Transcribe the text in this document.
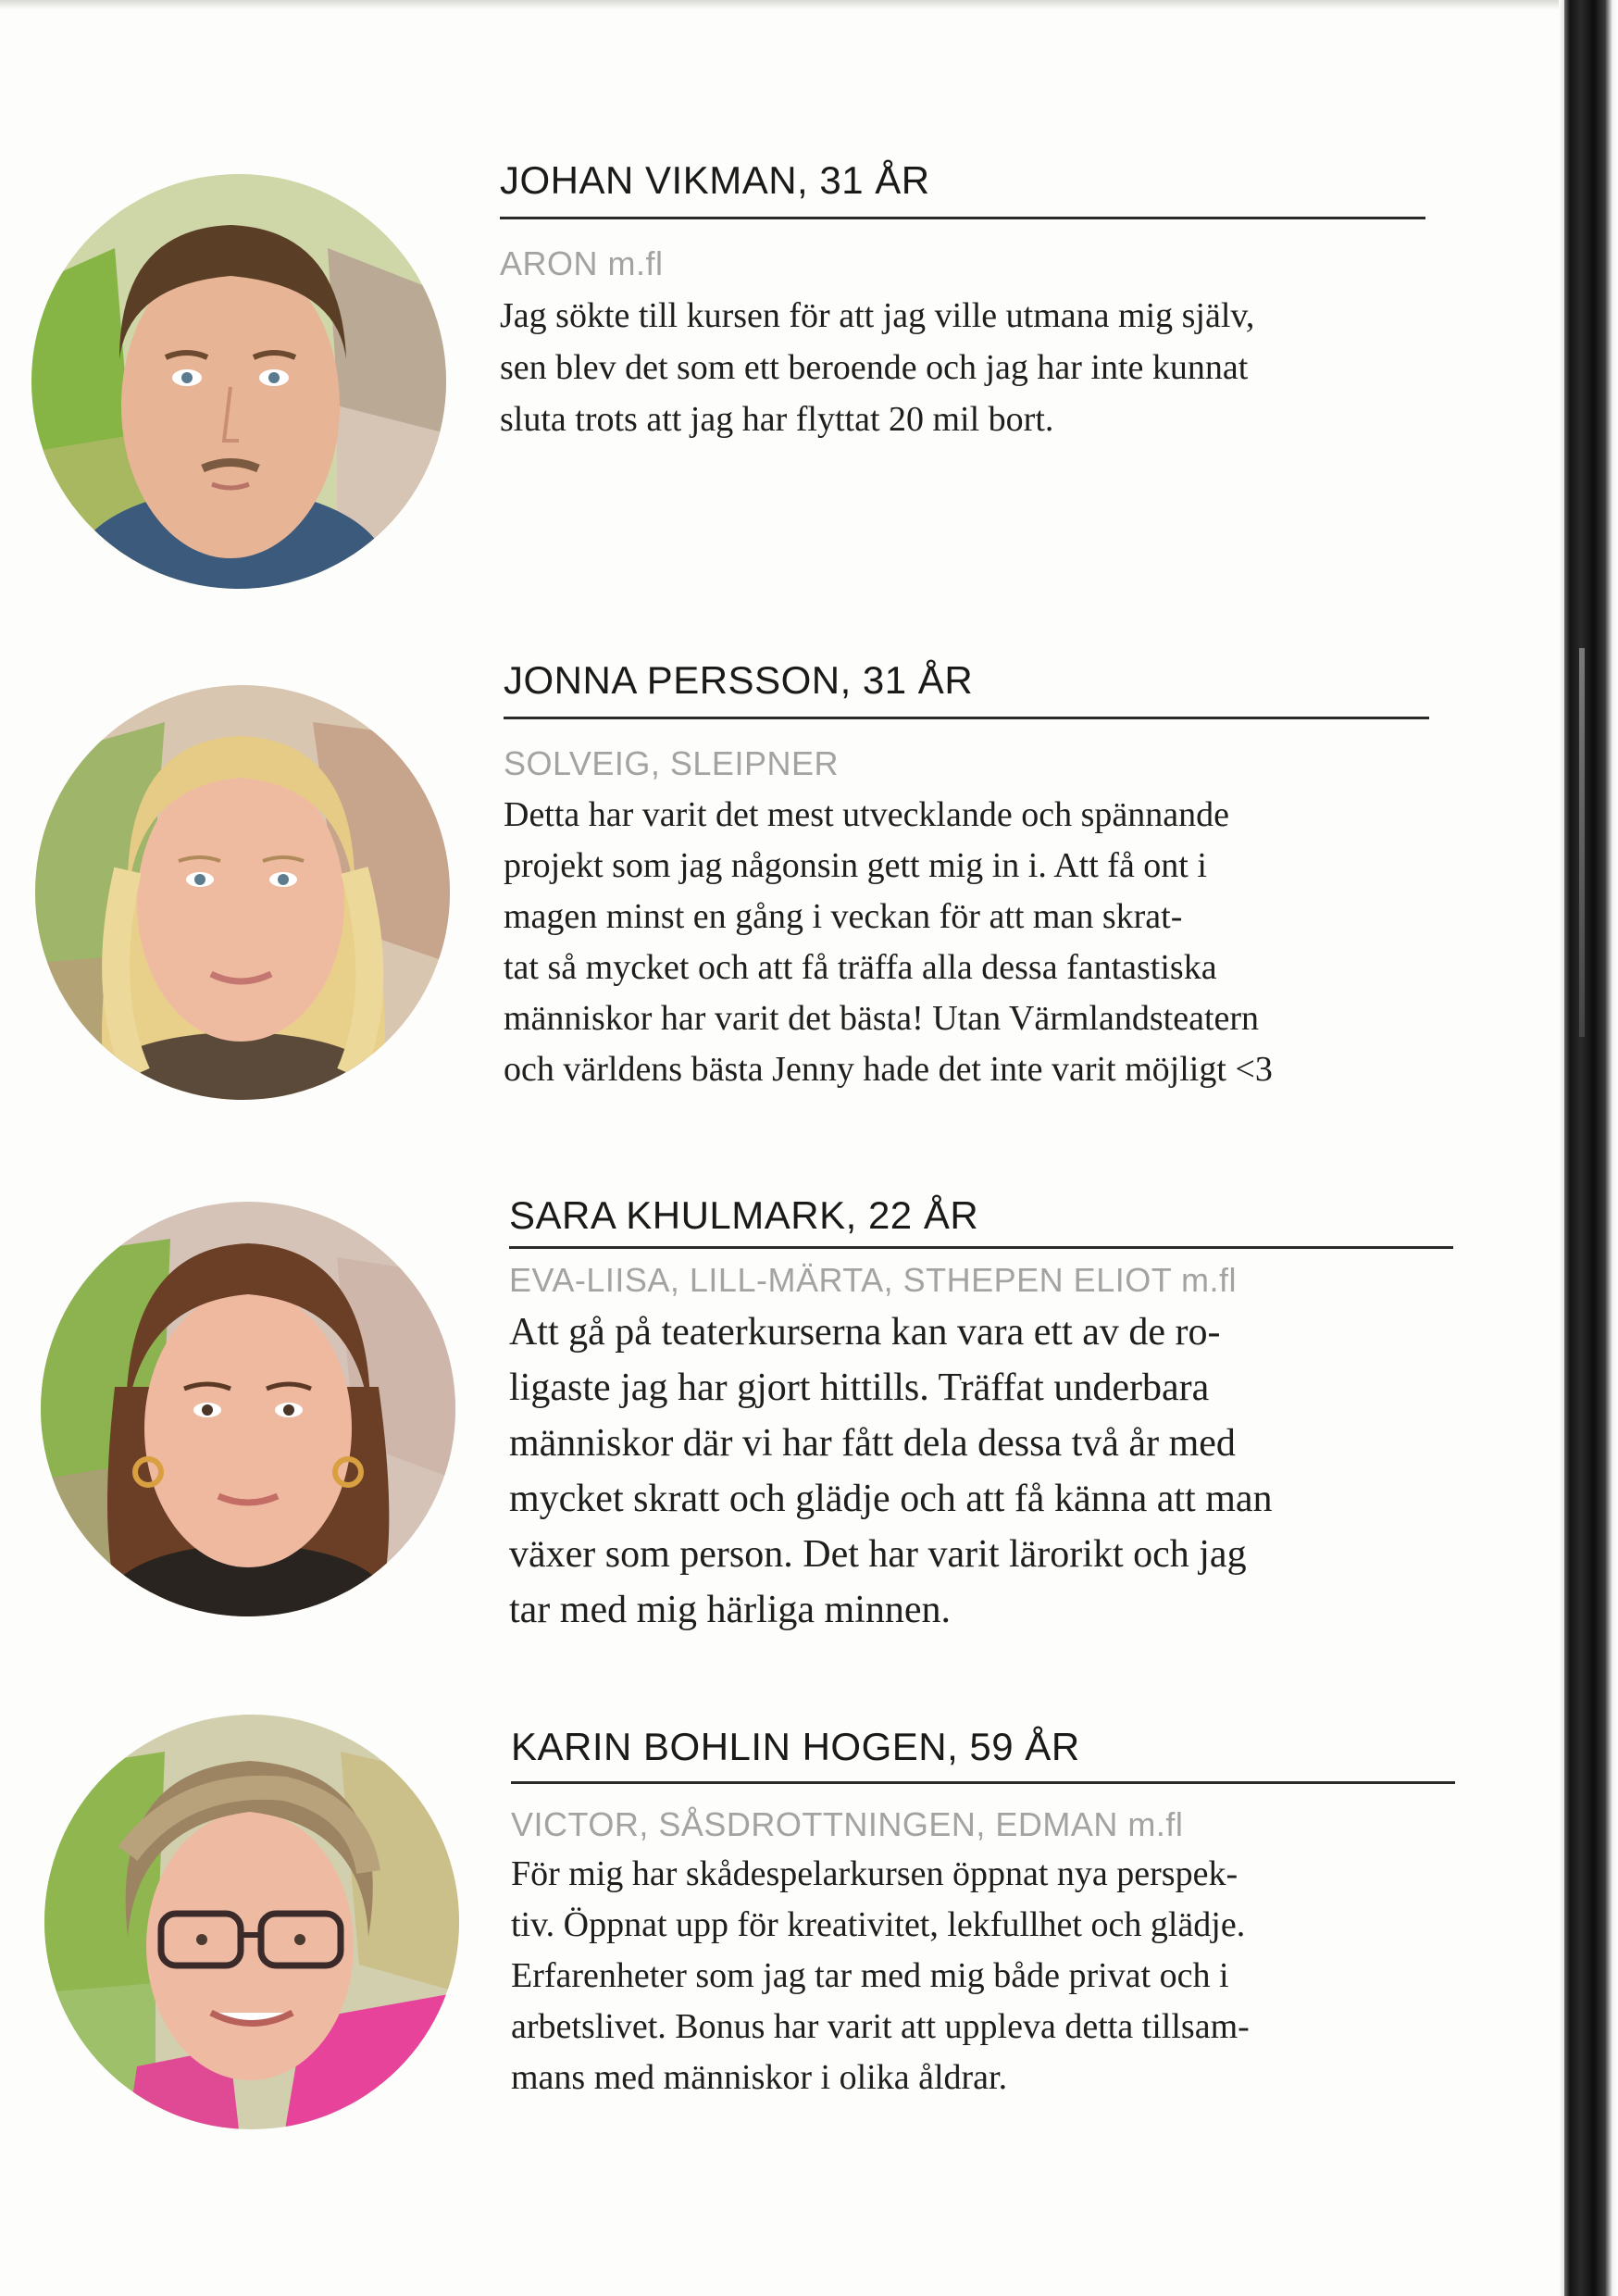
JOHAN VIKMAN, 31 ÅR
ARON m.fl
Jag sökte till kursen för att jag ville utmana mig själv,
sen blev det som ett beroende och jag har inte kunnat
sluta trots att jag har flyttat 20 mil bort.
JONNA PERSSON, 31 ÅR
SOLVEIG, SLEIPNER
Detta har varit det mest utvecklande och spännande
projekt som jag någonsin gett mig in i. Att få ont i
magen minst en gång i veckan för att man skrat-
tat så mycket och att få träffa alla dessa fantastiska
människor har varit det bästa! Utan Värmlandsteatern
och världens bästa Jenny hade det inte varit möjligt <3
SARA KHULMARK, 22 ÅR
EVA-LIISA, LILL-MÄRTA, STHEPEN ELIOT m.fl
Att gå på teaterkurserna kan vara ett av de ro-
ligaste jag har gjort hittills. Träffat underbara
människor där vi har fått dela dessa två år med
mycket skratt och glädje och att få känna att man
växer som person. Det har varit lärorikt och jag
tar med mig härliga minnen.
KARIN BOHLIN HOGEN, 59 ÅR
VICTOR, SÅSDROTTNINGEN, EDMAN m.fl
För mig har skådespelarkursen öppnat nya perspek-
tiv. Öppnat upp för kreativitet, lekfullhet och glädje.
Erfarenheter som jag tar med mig både privat och i
arbetslivet. Bonus har varit att uppleva detta tillsam-
mans med människor i olika åldrar.
